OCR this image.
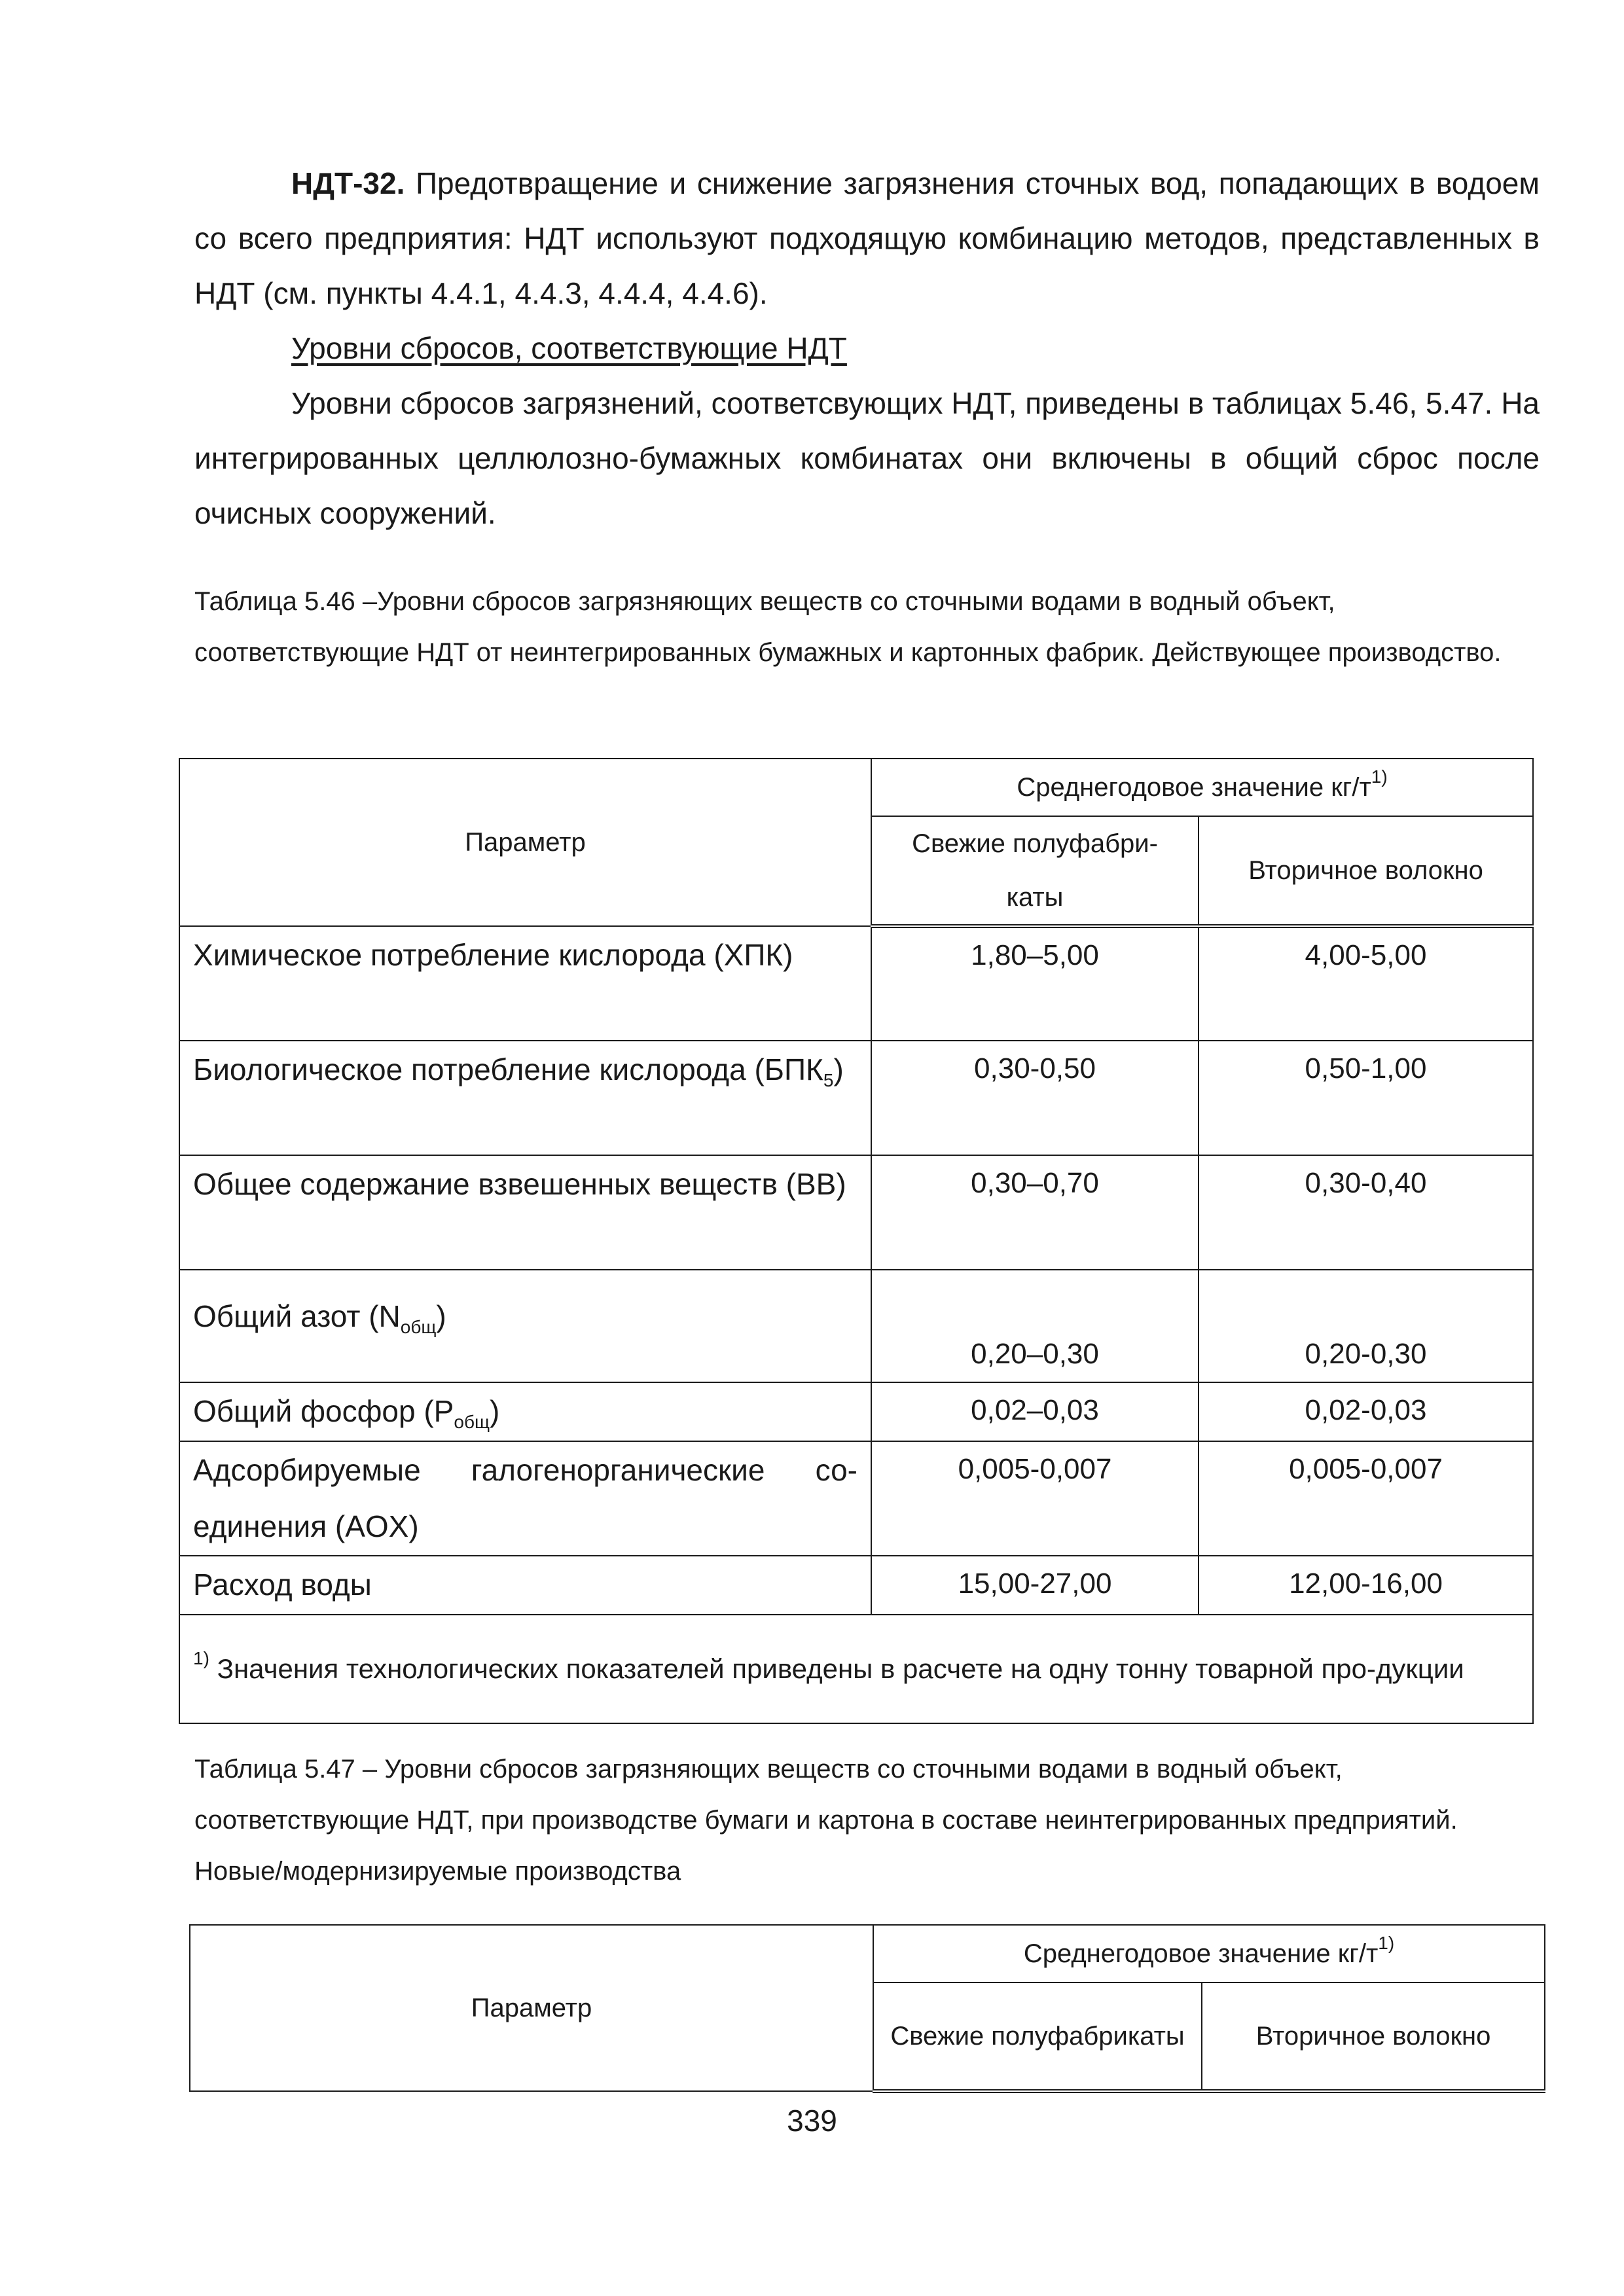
НДТ-32. Предотвращение и снижение загрязнения сточных вод, попадающих в водоем со всего предприятия: НДТ используют подходящую комбинацию методов, представленных в НДТ (см. пункты 4.4.1, 4.4.3, 4.4.4, 4.4.6).
Уровни сбросов, соответствующие НДТ
Уровни сбросов загрязнений, соответсвующих НДТ, приведены в таблицах 5.46, 5.47. На интегрированных целлюлозно-бумажных комбинатах они включены в общий сброс после очисных сооружений.
Таблица 5.46 –Уровни сбросов загрязняющих веществ со сточными водами в водный объект, соответствующие НДТ от неинтегрированных бумажных и картонных фабрик. Действующее производство.
Параметр	Среднегодовое значение $кг/т^{1)}$
	Свежие полуфабри-каты	Вторичное волокно
Химическое потребление кислорода (ХПК)	1,80–5,00	4,00-5,00
Биологическое потребление кислорода $(БПК_5)$	0,30-0,50	0,50-1,00
Общее содержание взвешенных веществ (ВВ)	0,30–0,70	0,30-0,40
Общий азот $(N_{общ})$	0,20–0,30	0,20-0,30
Общий фосфор $(P_{общ})$	0,02–0,03	0,02-0,03
Адсорбируемые галогенорганические со-единения (AOX)	0,005-0,007	0,005-0,007
Расход воды	15,00-27,00	12,00-16,00
$^{1)}$ Значения технологических показателей приведены в расчете на одну тонну товарной про-дукции		
Таблица 5.47 – Уровни сбросов загрязняющих веществ со сточными водами в водный объект, соответствующие НДТ, при производстве бумаги и картона в составе неинтегрированных предприятий. Новые/модернизируемые производства
Параметр	Среднегодовое значение $кг/т^{1)}$
	Свежие полуфабрикаты	Вторичное волокно
339
